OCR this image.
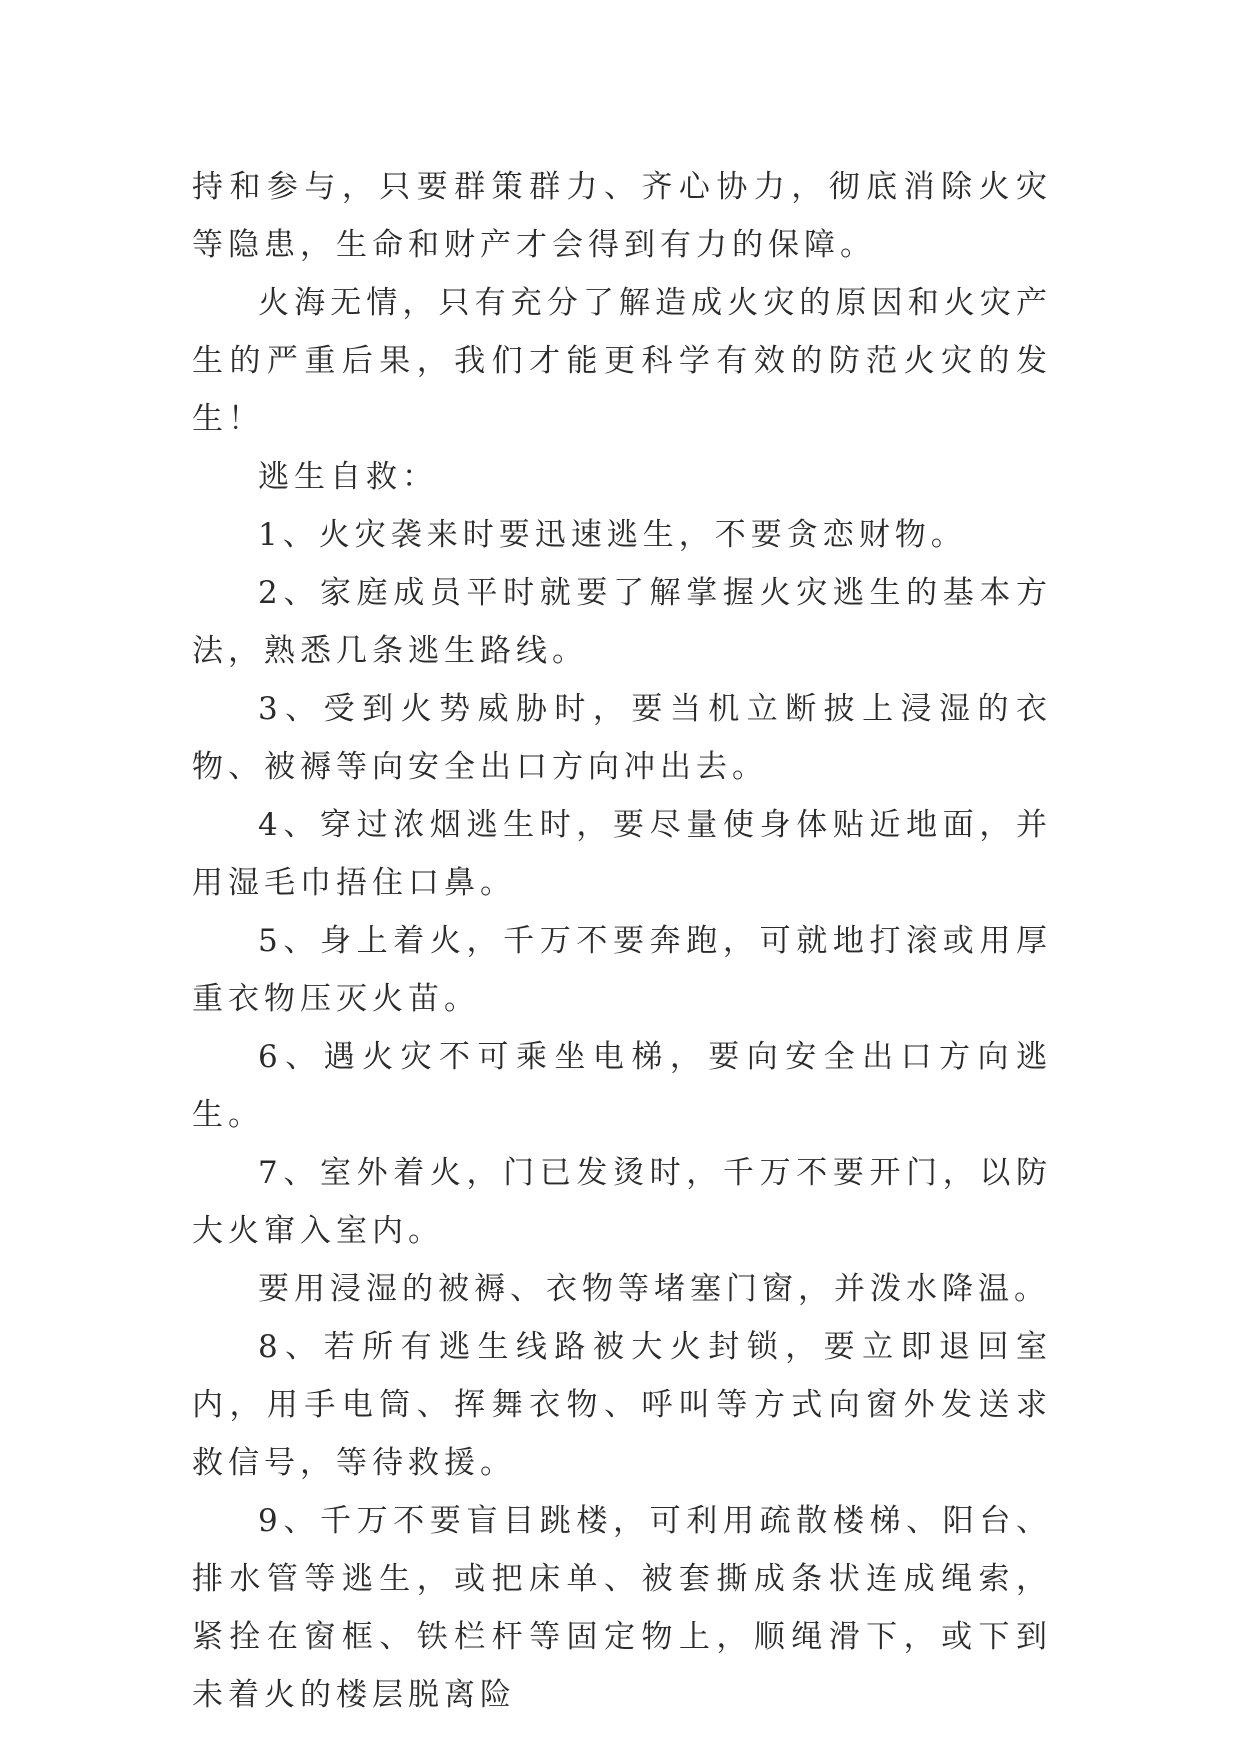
持和参与，只要群策群力、齐心协力，彻底消除火灾等隐患，生命和财产才会得到有力的保障。

火海无情，只有充分了解造成火灾的原因和火灾产生的严重后果，我们才能更科学有效的防范火灾的发生！

逃生自救：

1、火灾袭来时要迅速逃生，不要贪恋财物。

2、家庭成员平时就要了解掌握火灾逃生的基本方法，熟悉几条逃生路线。

3、受到火势威胁时，要当机立断披上浸湿的衣物、被褥等向安全出口方向冲出去。

4、穿过浓烟逃生时，要尽量使身体贴近地面，并用湿毛巾捂住口鼻。

5、身上着火，千万不要奔跑，可就地打滚或用厚重衣物压灭火苗。

6、遇火灾不可乘坐电梯，要向安全出口方向逃生。

7、室外着火，门已发烫时，千万不要开门，以防大火窜入室内。

要用浸湿的被褥、衣物等堵塞门窗，并泼水降温。

8、若所有逃生线路被大火封锁，要立即退回室内，用手电筒、挥舞衣物、呼叫等方式向窗外发送求救信号，等待救援。

9、千万不要盲目跳楼，可利用疏散楼梯、阳台、排水管等逃生，或把床单、被套撕成条状连成绳索，紧拴在窗框、铁栏杆等固定物上，顺绳滑下，或下到未着火的楼层脱离险
